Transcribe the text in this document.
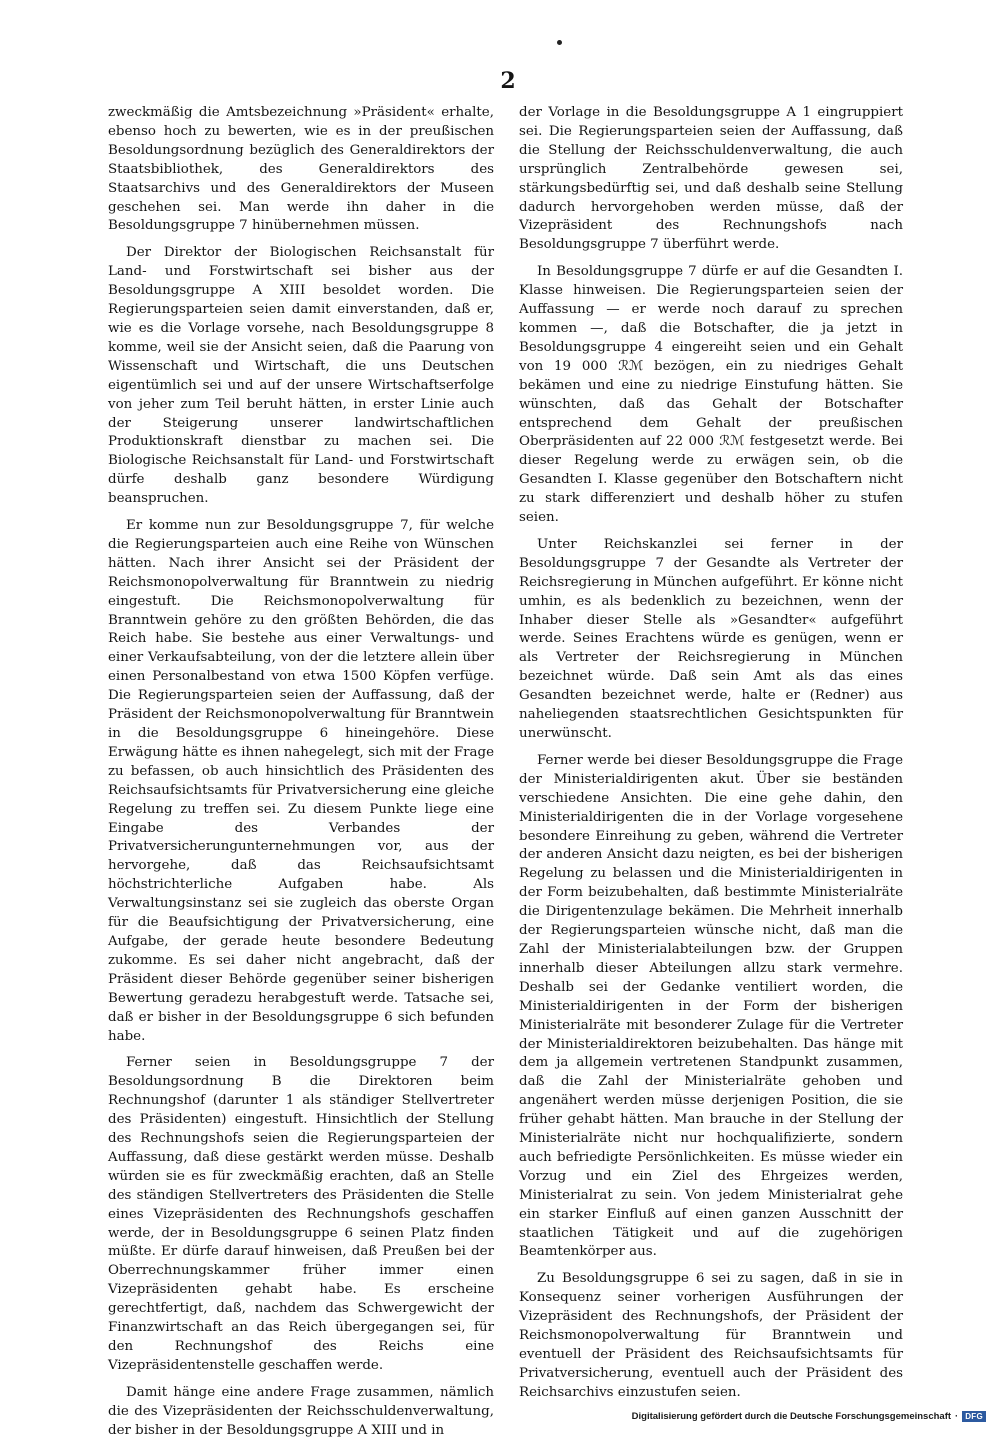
2

zweckmäßig die Amtsbezeichnung »Präsident« erhalte, ebenso hoch zu bewerten, wie es in der preußischen Besoldungsordnung bezüglich des Generaldirektors der Staatsbibliothek, des Generaldirektors des Staatsarchivs und des Generaldirektors der Museen geschehen sei. Man werde ihn daher in die Besoldungsgruppe 7 hinübernehmen müssen.

Der Direktor der Biologischen Reichsanstalt für Land- und Forstwirtschaft sei bisher aus der Besoldungsgruppe A XIII besoldet worden. Die Regierungsparteien seien damit einverstanden, daß er, wie es die Vorlage vorsehe, nach Besoldungsgruppe 8 komme, weil sie der Ansicht seien, daß die Paarung von Wissenschaft und Wirtschaft, die uns Deutschen eigentümlich sei und auf der unsere Wirtschaftserfolge von jeher zum Teil beruht hätten, in erster Linie auch der Steigerung unserer landwirtschaftlichen Produktionskraft dienstbar zu machen sei. Die Biologische Reichsanstalt für Land- und Forstwirtschaft dürfe deshalb ganz besondere Würdigung beanspruchen.

Er komme nun zur Besoldungsgruppe 7, für welche die Regierungsparteien auch eine Reihe von Wünschen hätten. Nach ihrer Ansicht sei der Präsident der Reichsmonopolverwaltung für Branntwein zu niedrig eingestuft. Die Reichsmonopolverwaltung für Branntwein gehöre zu den größten Behörden, die das Reich habe. Sie bestehe aus einer Verwaltungs- und einer Verkaufsabteilung, von der die letztere allein über einen Personalbestand von etwa 1500 Köpfen verfüge. Die Regierungsparteien seien der Auffassung, daß der Präsident der Reichsmonopolverwaltung für Branntwein in die Besoldungsgruppe 6 hineingehöre. Diese Erwägung hätte es ihnen nahegelegt, sich mit der Frage zu befassen, ob auch hinsichtlich des Präsidenten des Reichsaufsichtsamts für Privatversicherung eine gleiche Regelung zu treffen sei. Zu diesem Punkte liege eine Eingabe des Verbandes der Privatversicherungunternehmungen vor, aus der hervorgehe, daß das Reichsaufsichtsamt höchstrichterliche Aufgaben habe. Als Verwaltungsinstanz sei sie zugleich das oberste Organ für die Beaufsichtigung der Privatversicherung, eine Aufgabe, der gerade heute besondere Bedeutung zukomme. Es sei daher nicht angebracht, daß der Präsident dieser Behörde gegenüber seiner bisherigen Bewertung geradezu herabgestuft werde. Tatsache sei, daß er bisher in der Besoldungsgruppe 6 sich befunden habe.

Ferner seien in Besoldungsgruppe 7 der Besoldungsordnung B die Direktoren beim Rechnungshof (darunter 1 als ständiger Stellvertreter des Präsidenten) eingestuft. Hinsichtlich der Stellung des Rechnungshofs seien die Regierungsparteien der Auffassung, daß diese gestärkt werden müsse. Deshalb würden sie es für zweckmäßig erachten, daß an Stelle des ständigen Stellvertreters des Präsidenten die Stelle eines Vizepräsidenten des Rechnungshofs geschaffen werde, der in Besoldungsgruppe 6 seinen Platz finden müßte. Er dürfe darauf hinweisen, daß Preußen bei der Oberrechnungskammer früher immer einen Vizepräsidenten gehabt habe. Es erscheine gerechtfertigt, daß, nachdem das Schwergewicht der Finanzwirtschaft an das Reich übergegangen sei, für den Rechnungshof des Reichs eine Vizepräsidentenstelle geschaffen werde.

Damit hänge eine andere Frage zusammen, nämlich die des Vizepräsidenten der Reichsschuldenverwaltung, der bisher in der Besoldungsgruppe A XIII und in

der Vorlage in die Besoldungsgruppe A 1 eingruppiert sei. Die Regierungsparteien seien der Auffassung, daß die Stellung der Reichsschuldenverwaltung, die auch ursprünglich Zentralbehörde gewesen sei, stärkungsbedürftig sei, und daß deshalb seine Stellung dadurch hervorgehoben werden müsse, daß der Vizepräsident des Rechnungshofs nach Besoldungsgruppe 7 überführt werde.

In Besoldungsgruppe 7 dürfe er auf die Gesandten I. Klasse hinweisen. Die Regierungsparteien seien der Auffassung — er werde noch darauf zu sprechen kommen —, daß die Botschafter, die ja jetzt in Besoldungsgruppe 4 eingereiht seien und ein Gehalt von 19 000 ℛℳ bezögen, ein zu niedriges Gehalt bekämen und eine zu niedrige Einstufung hätten. Sie wünschten, daß das Gehalt der Botschafter entsprechend dem Gehalt der preußischen Oberpräsidenten auf 22 000 ℛℳ festgesetzt werde. Bei dieser Regelung werde zu erwägen sein, ob die Gesandten I. Klasse gegenüber den Botschaftern nicht zu stark differenziert und deshalb höher zu stufen seien.

Unter Reichskanzlei sei ferner in der Besoldungsgruppe 7 der Gesandte als Vertreter der Reichsregierung in München aufgeführt. Er könne nicht umhin, es als bedenklich zu bezeichnen, wenn der Inhaber dieser Stelle als »Gesandter« aufgeführt werde. Seines Erachtens würde es genügen, wenn er als Vertreter der Reichsregierung in München bezeichnet würde. Daß sein Amt als das eines Gesandten bezeichnet werde, halte er (Redner) aus naheliegenden staatsrechtlichen Gesichtspunkten für unerwünscht.

Ferner werde bei dieser Besoldungsgruppe die Frage der Ministerialdirigenten akut. Über sie beständen verschiedene Ansichten. Die eine gehe dahin, den Ministerialdirigenten die in der Vorlage vorgesehene besondere Einreihung zu geben, während die Vertreter der anderen Ansicht dazu neigten, es bei der bisherigen Regelung zu belassen und die Ministerialdirigenten in der Form beizubehalten, daß bestimmte Ministerialräte die Dirigentenzulage bekämen. Die Mehrheit innerhalb der Regierungsparteien wünsche nicht, daß man die Zahl der Ministerialabteilungen bzw. der Gruppen innerhalb dieser Abteilungen allzu stark vermehre. Deshalb sei der Gedanke ventiliert worden, die Ministerialdirigenten in der Form der bisherigen Ministerialräte mit besonderer Zulage für die Vertreter der Ministerialdirektoren beizubehalten. Das hänge mit dem ja allgemein vertretenen Standpunkt zusammen, daß die Zahl der Ministerialräte gehoben und angenähert werden müsse derjenigen Position, die sie früher gehabt hätten. Man brauche in der Stellung der Ministerialräte nicht nur hochqualifizierte, sondern auch befriedigte Persönlichkeiten. Es müsse wieder ein Vorzug und ein Ziel des Ehrgeizes werden, Ministerialrat zu sein. Von jedem Ministerialrat gehe ein starker Einfluß auf einen ganzen Ausschnitt der staatlichen Tätigkeit und auf die zugehörigen Beamtenkörper aus.

Zu Besoldungsgruppe 6 sei zu sagen, daß in sie in Konsequenz seiner vorherigen Ausführungen der Vizepräsident des Rechnungshofs, der Präsident der Reichsmonopolverwaltung für Branntwein und eventuell der Präsident des Reichsaufsichtsamts für Privatversicherung, eventuell auch der Präsident des Reichsarchivs einzustufen seien.

Digitalisierung gefördert durch die Deutsche Forschungsgemeinschaft · DFG
